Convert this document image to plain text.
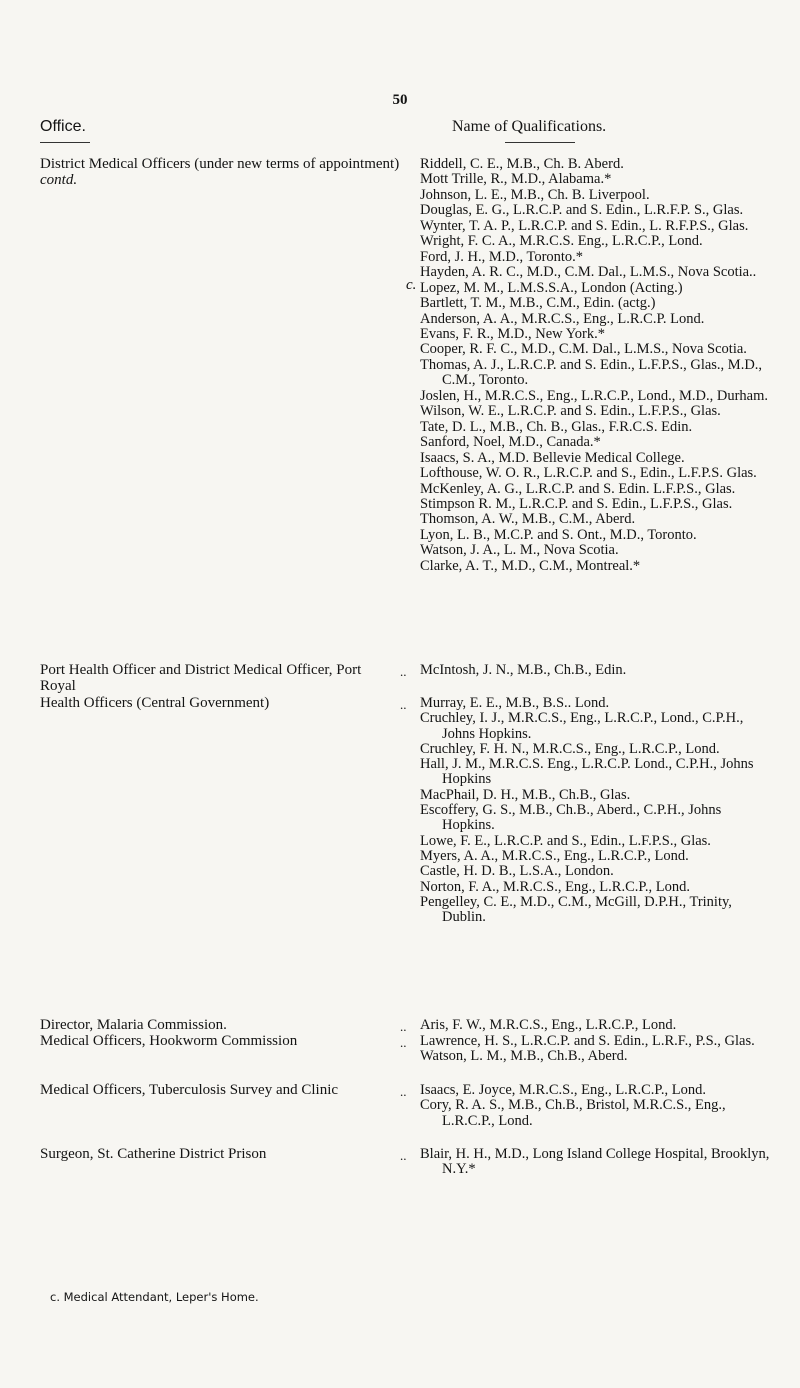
50
Office.	Name of Qualifications.
District Medical Officers (under new terms of appointment) contd.

Riddell, C. E., M.B., Ch. B. Aberd.

Mott Trille, R., M.D., Alabama.*

Johnson, L. E., M.B., Ch. B. Liverpool.

Douglas, E. G., L.R.C.P. and S. Edin., L.R.F.P. S., Glas.

Wynter, T. A. P., L.R.C.P. and S. Edin., L. R.F.P.S., Glas.

Wright, F. C. A., M.R.C.S. Eng., L.R.C.P., Lond.

Ford, J. H., M.D., Toronto.*

Hayden, A. R. C., M.D., C.M. Dal., L.M.S., Nova Scotia..

Lopez, M. M., L.M.S.S.A., London (Acting.)

Bartlett, T. M., M.B., C.M., Edin. (actg.)

Anderson, A. A., M.R.C.S., Eng., L.R.C.P. Lond.

Evans, F. R., M.D., New York.*

Cooper, R. F. C., M.D., C.M. Dal., L.M.S., Nova Scotia.

Thomas, A. J., L.R.C.P. and S. Edin., L.F.P.S., Glas., M.D., C.M., Toronto.

Joslen, H., M.R.C.S., Eng., L.R.C.P., Lond., M.D., Durham.

Wilson, W. E., L.R.C.P. and S. Edin., L.F.P.S., Glas.

Tate, D. L., M.B., Ch. B., Glas., F.R.C.S. Edin.

Sanford, Noel, M.D., Canada.*

Isaacs, S. A., M.D. Bellevie Medical College.

Lofthouse, W. O. R., L.R.C.P. and S., Edin., L.F.P.S. Glas.

McKenley, A. G., L.R.C.P. and S. Edin. L.F.P.S., Glas.

Stimpson R. M., L.R.C.P. and S. Edin., L.F.P.S., Glas.

Thomson, A. W., M.B., C.M., Aberd.

Lyon, L. B., M.C.P. and S. Ont., M.D., Toronto.

Watson, J. A., L. M., Nova Scotia.

Clarke, A. T., M.D., C.M., Montreal.*

c.
Port Health Officer and District Medical Officer, Port Royal
.. McIntosh, J. N., M.B., Ch.B., Edin.

Health Officers (Central Government)	.. Murray, E. E., M.B., B.S.. Lond.

Cruchley, I. J., M.R.C.S., Eng., L.R.C.P., Lond., C.P.H., Johns Hopkins.

Cruchley, F. H. N., M.R.C.S., Eng., L.R.C.P., Lond.

Hall, J. M., M.R.C.S. Eng., L.R.C.P. Lond., C.P.H., Johns Hopkins

MacPhail, D. H., M.B., Ch.B., Glas.

Escoffery, G. S., M.B., Ch.B., Aberd., C.P.H., Johns Hopkins.

Lowe, F. E., L.R.C.P. and S., Edin., L.F.P.S., Glas.

Myers, A. A., M.R.C.S., Eng., L.R.C.P., Lond.

Castle, H. D. B., L.S.A., London.

Norton, F. A., M.R.C.S., Eng., L.R.C.P., Lond.

Pengelley, C. E., M.D., C.M., McGill, D.P.H., Trinity, Dublin.

Director, Malaria Commission.	.. Aris, F. W., M.R.C.S., Eng., L.R.C.P., Lond.

Medical Officers, Hookworm Commission	.. Lawrence, H. S., L.R.C.P. and S. Edin., L.R.F., P.S., Glas.

Watson, L. M., M.B., Ch.B., Aberd.

Medical Officers, Tuberculosis Survey and Clinic	.. Isaacs, E. Joyce, M.R.C.S., Eng., L.R.C.P., Lond.

Cory, R. A. S., M.B., Ch.B., Bristol, M.R.C.S., Eng., L.R.C.P., Lond.

Surgeon, St. Catherine District Prison	.. Blair, H. H., M.D., Long Island College Hospital, Brooklyn, N.Y.*

c. Medical Attendant, Leper's Home.
